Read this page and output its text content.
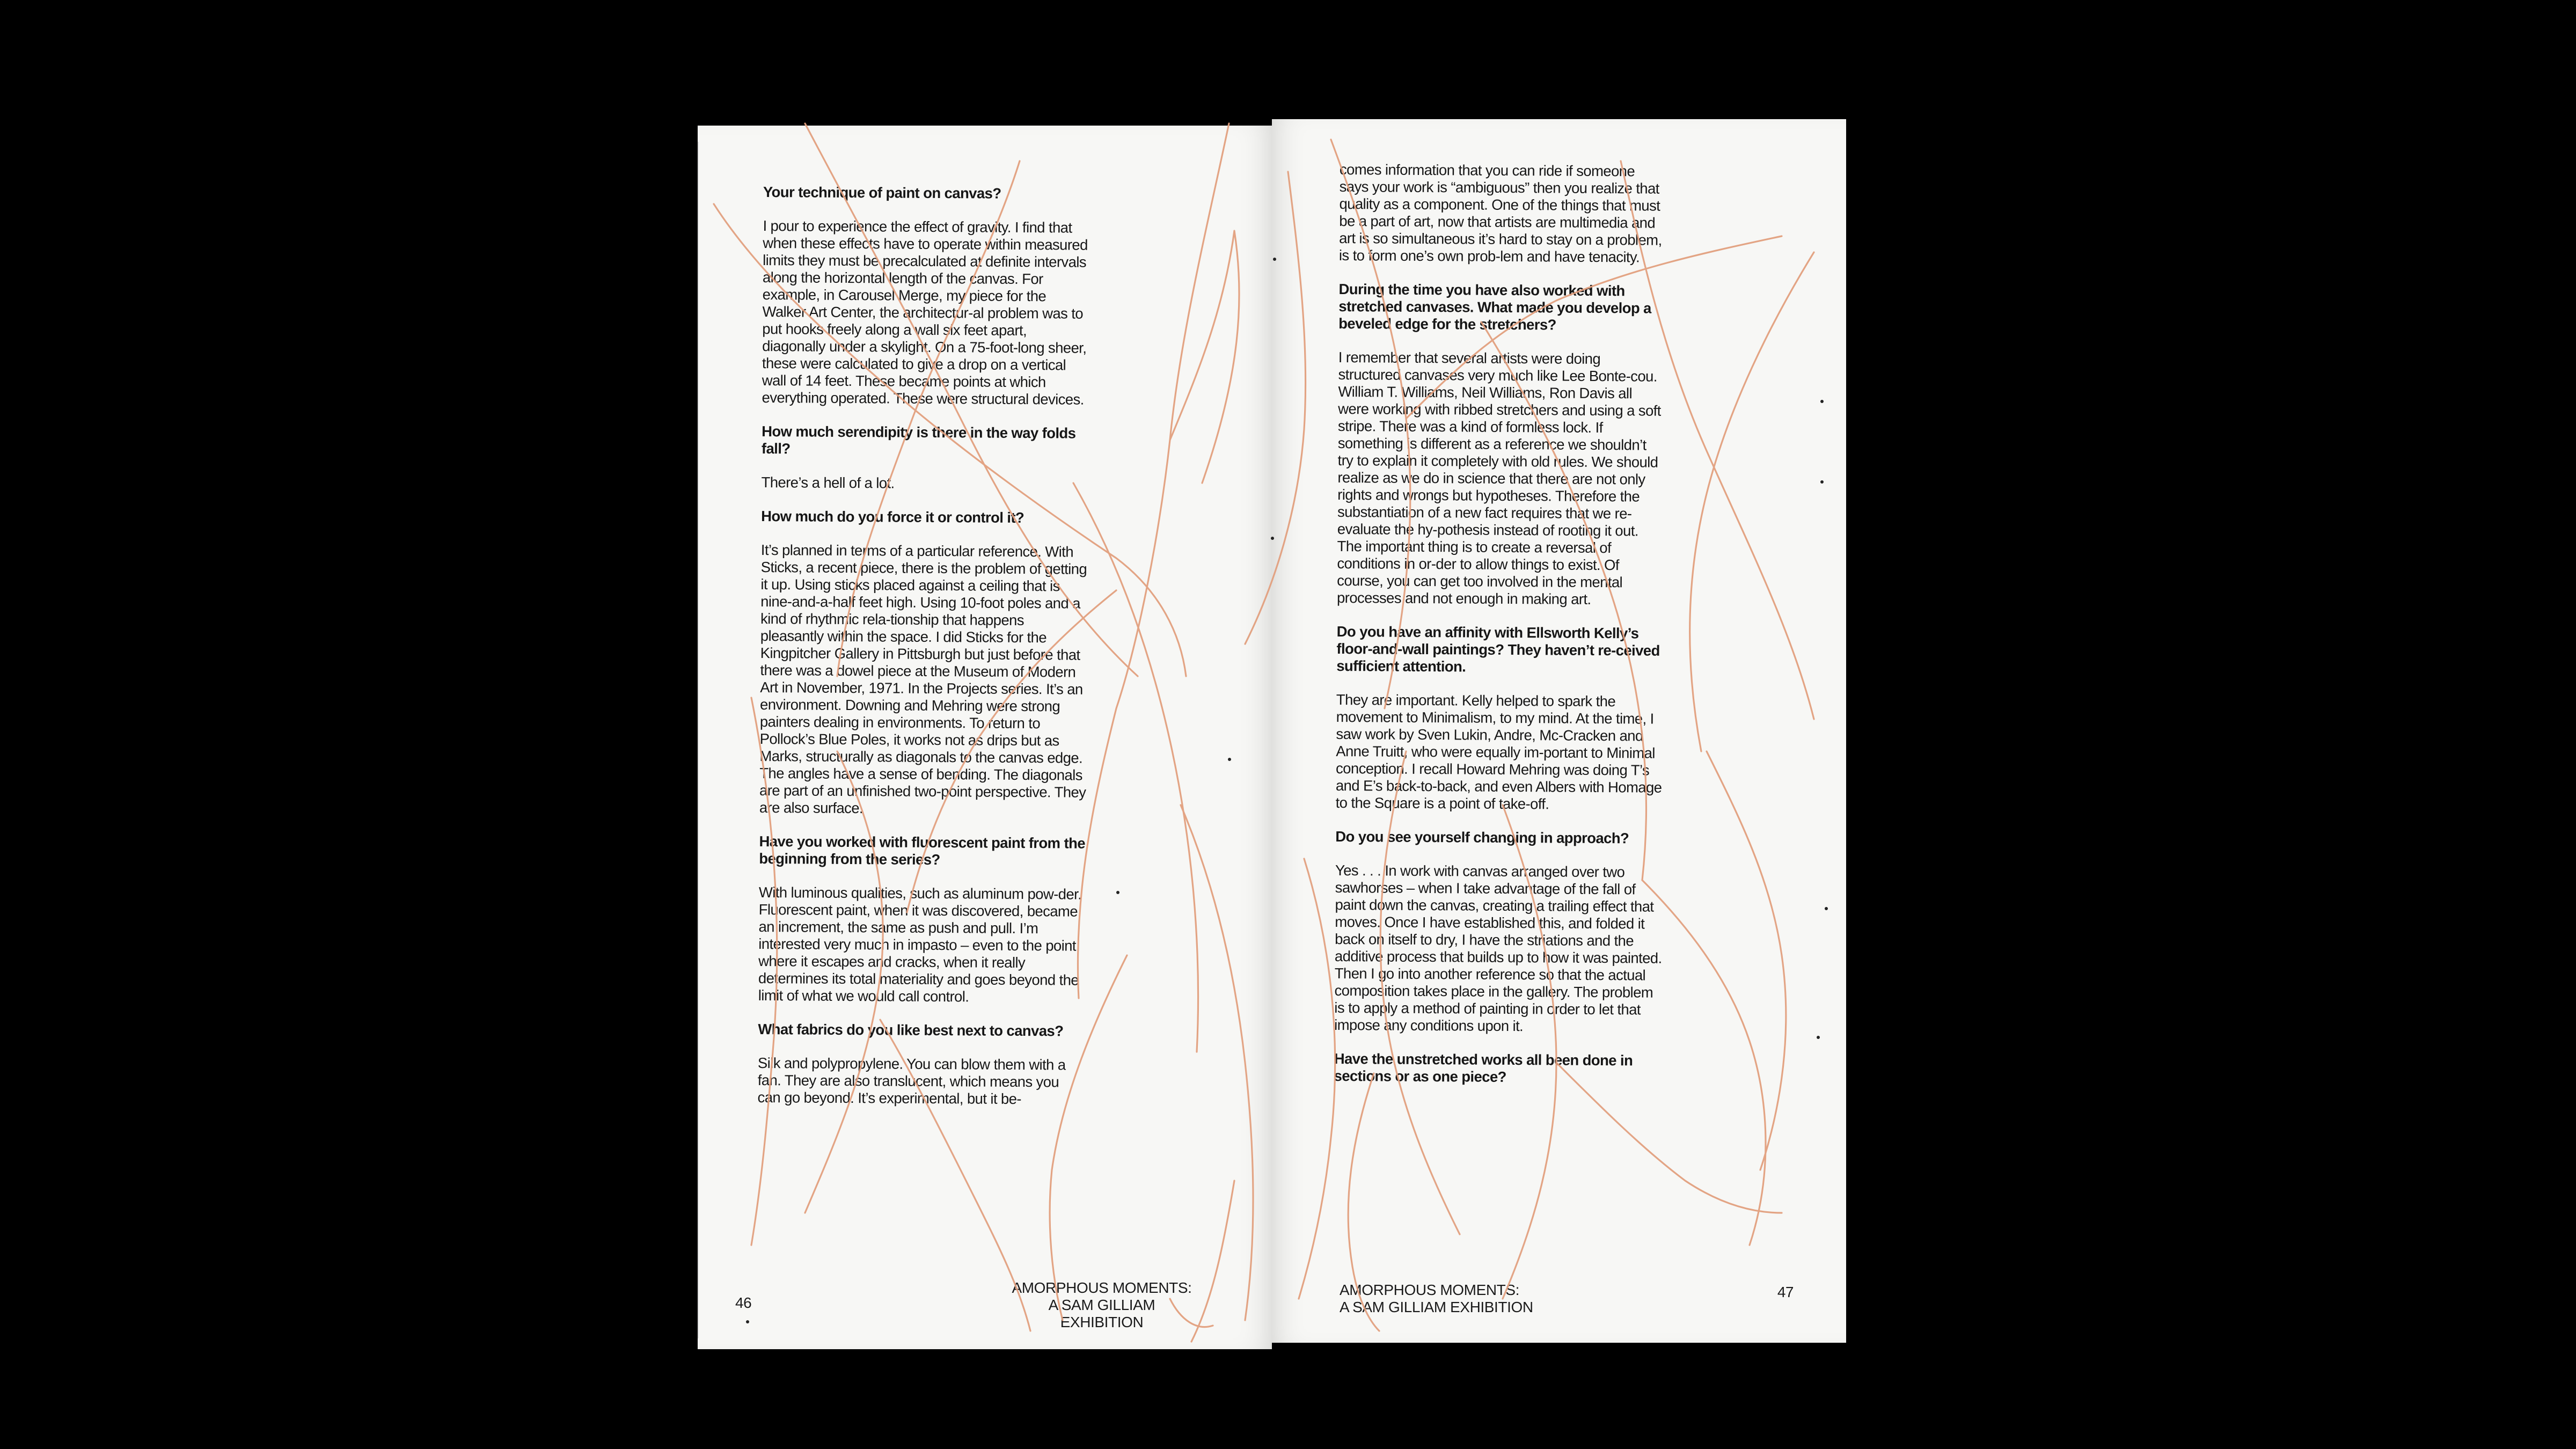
Your technique of paint on canvas?

I pour to experience the effect of gravity. I find that when these effects have to operate within measured limits they must be precalculated at definite intervals along the horizontal length of the canvas. For example, in Carousel Merge, my piece for the Walker Art Center, the architectur-al problem was to put hooks freely along a wall six feet apart, diagonally under a skylight. On a 75-foot-long sheer, these were calculated to give a drop on a vertical wall of 14 feet. These became points at which everything operated. These were structural devices.

How much serendipity is there in the way folds fall?

There’s a hell of a lot.

How much do you force it or control it?

It’s planned in terms of a particular reference. With Sticks, a recent piece, there is the problem of getting it up. Using sticks placed against a ceiling that is nine-and-a-half feet high. Using 10-foot poles and a kind of rhythmic rela-tionship that happens pleasantly within the space. I did Sticks for the Kingpitcher Gallery in Pittsburgh but just before that there was a dowel piece at the Museum of Modern Art in November, 1971. In the Projects series. It’s an environment. Downing and Mehring were strong painters dealing in environments. To return to Pollock’s Blue Poles, it works not as drips but as Marks, structurally as diagonals to the canvas edge. The angles have a sense of bending. The diagonals are part of an unfinished two-point perspective. They are also surface.

Have you worked with fluorescent paint from the beginning from the series?

With luminous qualities, such as aluminum pow-der. Fluorescent paint, when it was discovered, became an increment, the same as push and pull. I’m interested very much in impasto – even to the point where it escapes and cracks, when it really determines its total materiality and goes beyond the limit of what we would call control.

What fabrics do you like best next to canvas?

Silk and polypropylene. You can blow them with a fan. They are also translucent, which means you can go beyond. It’s experimental, but it be-

46
AMORPHOUS MOMENTS:
A SAM GILLIAM EXHIBITION

comes information that you can ride if someone says your work is “ambiguous” then you realize that quality as a component. One of the things that must be a part of art, now that artists are multimedia and art is so simultaneous it’s hard to stay on a problem, is to form one’s own prob-lem and have tenacity.

During the time you have also worked with stretched canvases. What made you develop a beveled edge for the stretchers?

I remember that several artists were doing structured canvases very much like Lee Bonte-cou. William T. Williams, Neil Williams, Ron Davis all were working with ribbed stretchers and using a soft stripe. There was a kind of formless lock. If something is different as a reference we shouldn’t try to explain it completely with old rules. We should realize as we do in science that there are not only rights and wrongs but hypotheses. Therefore the substantiation of a new fact requires that we re-evaluate the hy-pothesis instead of rooting it out. The important thing is to create a reversal of conditions in or-der to allow things to exist. Of course, you can get too involved in the mental processes and not enough in making art.

Do you have an affinity with Ellsworth Kelly’s floor-and-wall paintings? They haven’t re-ceived sufficient attention.

They are important. Kelly helped to spark the movement to Minimalism, to my mind. At the time, I saw work by Sven Lukin, Andre, Mc-Cracken and Anne Truitt, who were equally im-portant to Minimal conception. I recall Howard Mehring was doing T’s and E’s back-to-back, and even Albers with Homage to the Square is a point of take-off.

Do you see yourself changing in approach?

Yes . . . In work with canvas arranged over two sawhorses – when I take advantage of the fall of paint down the canvas, creating a trailing effect that moves. Once I have established this, and folded it back on itself to dry, I have the striations and the additive process that builds up to how it was painted. Then I go into another reference so that the actual composition takes place in the gallery. The problem is to apply a method of painting in order to let that impose any conditions upon it.

Have the unstretched works all been done in sections or as one piece?

47
AMORPHOUS MOMENTS:
A SAM GILLIAM EXHIBITION
